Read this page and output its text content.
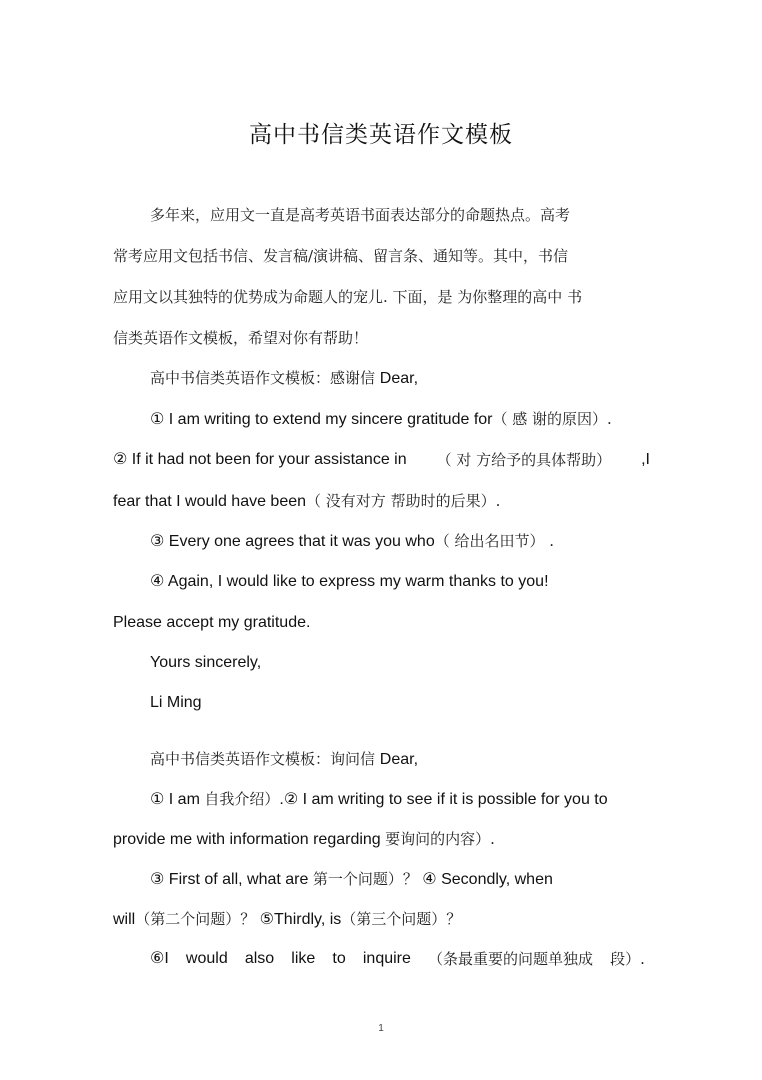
高中书信类英语作文模板
多年来，应用文一直是高考英语书面表达部分的命题热点。高考
常考应用文包括书信、发言稿/演讲稿、留言条、通知等。其中，书信
应用文以其独特的优势成为命题人的宠儿. 下面，是 为你整理的高中 书
信类英语作文模板，希望对你有帮助！
高中书信类英语作文模板：感谢信 Dear,
① I am writing to extend my sincere gratitude for（ 感 谢的原因）.
② If it had not been for your assistance in （ 对 方给予的具体帮助） ,I
fear that I would have been（ 没有对方 帮助时的后果）.
③ Every one agrees that it was you who（ 给出名田节） .
④ Again, I would like to express my warm thanks to you!
Please accept my gratitude.
Yours sincerely,
Li Ming
高中书信类英语作文模板：询问信 Dear,
① I am 自我介绍）.② I am writing to see if it is possible for you to
provide me with information regarding 要询问的内容）.
③ First of all, what are 第一个问题）？ ④ Secondly, when
will（第二个问题）？ ⑤Thirdly, is（第三个问题）？
⑥I would also like to inquire （条最重要的问题单独成 段）.
1
